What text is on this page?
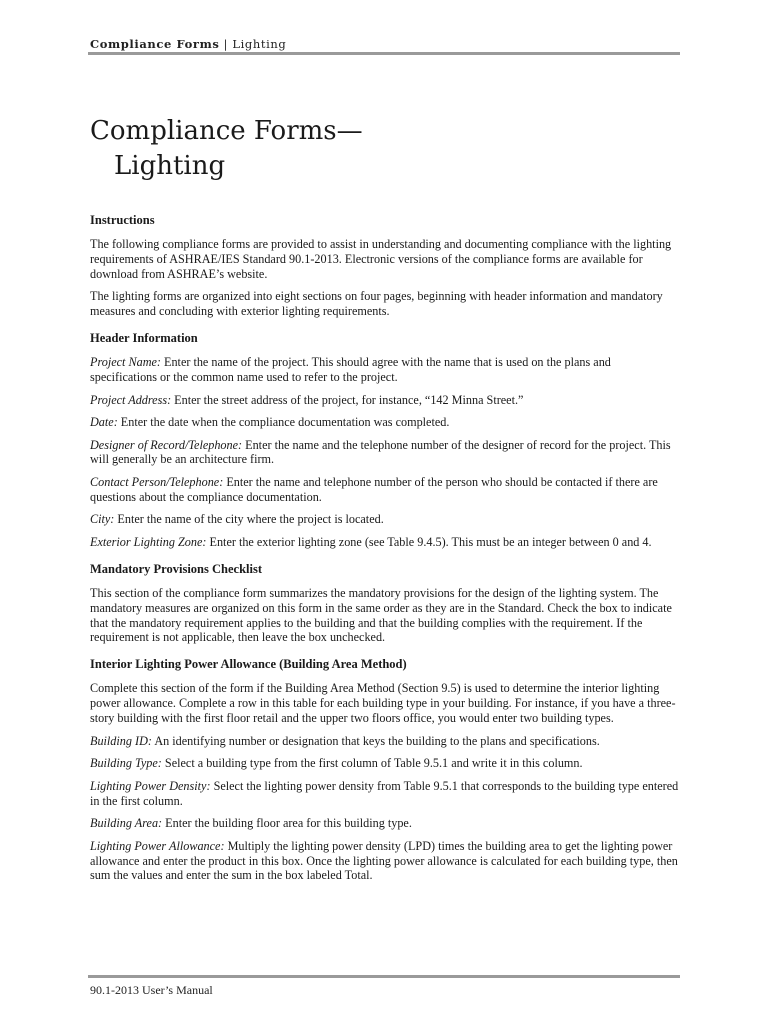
Compliance Forms | Lighting
Compliance Forms—
Lighting
Instructions

The following compliance forms are provided to assist in understanding and documenting compliance with the lighting requirements of ASHRAE/IES Standard 90.1-2013. Electronic versions of the compliance forms are available for download from ASHRAE’s website.

The lighting forms are organized into eight sections on four pages, beginning with header information and mandatory measures and concluding with exterior lighting requirements.

Header Information

Project Name: Enter the name of the project. This should agree with the name that is used on the plans and specifications or the common name used to refer to the project.

Project Address: Enter the street address of the project, for instance, “142 Minna Street.”

Date: Enter the date when the compliance documentation was completed.

Designer of Record/Telephone: Enter the name and the telephone number of the designer of record for the project. This will generally be an architecture firm.

Contact Person/Telephone: Enter the name and telephone number of the person who should be contacted if there are questions about the compliance documentation.

City: Enter the name of the city where the project is located.

Exterior Lighting Zone: Enter the exterior lighting zone (see Table 9.4.5). This must be an integer between 0 and 4.

Mandatory Provisions Checklist

This section of the compliance form summarizes the mandatory provisions for the design of the lighting system. The mandatory measures are organized on this form in the same order as they are in the Standard. Check the box to indicate that the mandatory requirement applies to the building and that the building complies with the requirement. If the requirement is not applicable, then leave the box unchecked.

Interior Lighting Power Allowance (Building Area Method)

Complete this section of the form if the Building Area Method (Section 9.5) is used to determine the interior lighting power allowance. Complete a row in this table for each building type in your building. For instance, if you have a three-story building with the first floor retail and the upper two floors office, you would enter two building types.

Building ID: An identifying number or designation that keys the building to the plans and specifications.

Building Type: Select a building type from the first column of Table 9.5.1 and write it in this column.

Lighting Power Density: Select the lighting power density from Table 9.5.1 that corresponds to the building type entered in the first column.

Building Area: Enter the building floor area for this building type.

Lighting Power Allowance: Multiply the lighting power density (LPD) times the building area to get the lighting power allowance and enter the product in this box. Once the lighting power allowance is calculated for each building type, then sum the values and enter the sum in the box labeled Total.

90.1-2013 User’s Manual
